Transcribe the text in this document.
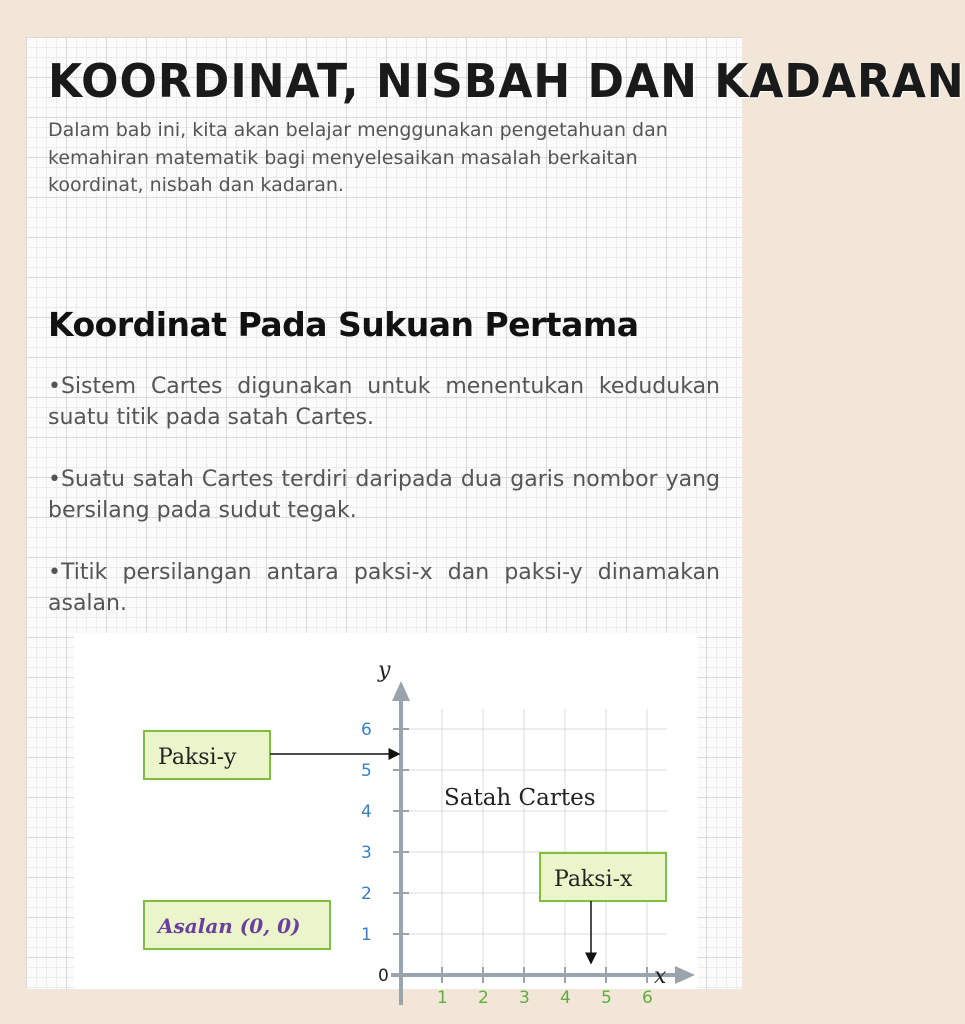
KOORDINAT, NISBAH DAN KADARAN
Dalam bab ini, kita akan belajar menggunakan pengetahuan dan kemahiran matematik bagi menyelesaikan masalah berkaitan koordinat, nisbah dan kadaran.
Koordinat Pada Sukuan Pertama

•Sistem Cartes digunakan untuk menentukan kedudukan suatu titik pada satah Cartes.

•Suatu satah Cartes terdiri daripada dua garis nombor yang bersilang pada sudut tegak.

•Titik persilangan antara paksi-x dan paksi-y dinamakan asalan.

1 2 3 4 5 6
1
2
3
4
5
6
y
x
0
Satah Cartes
Paksi-y
Paksi-x
Asalan (0, 0)
